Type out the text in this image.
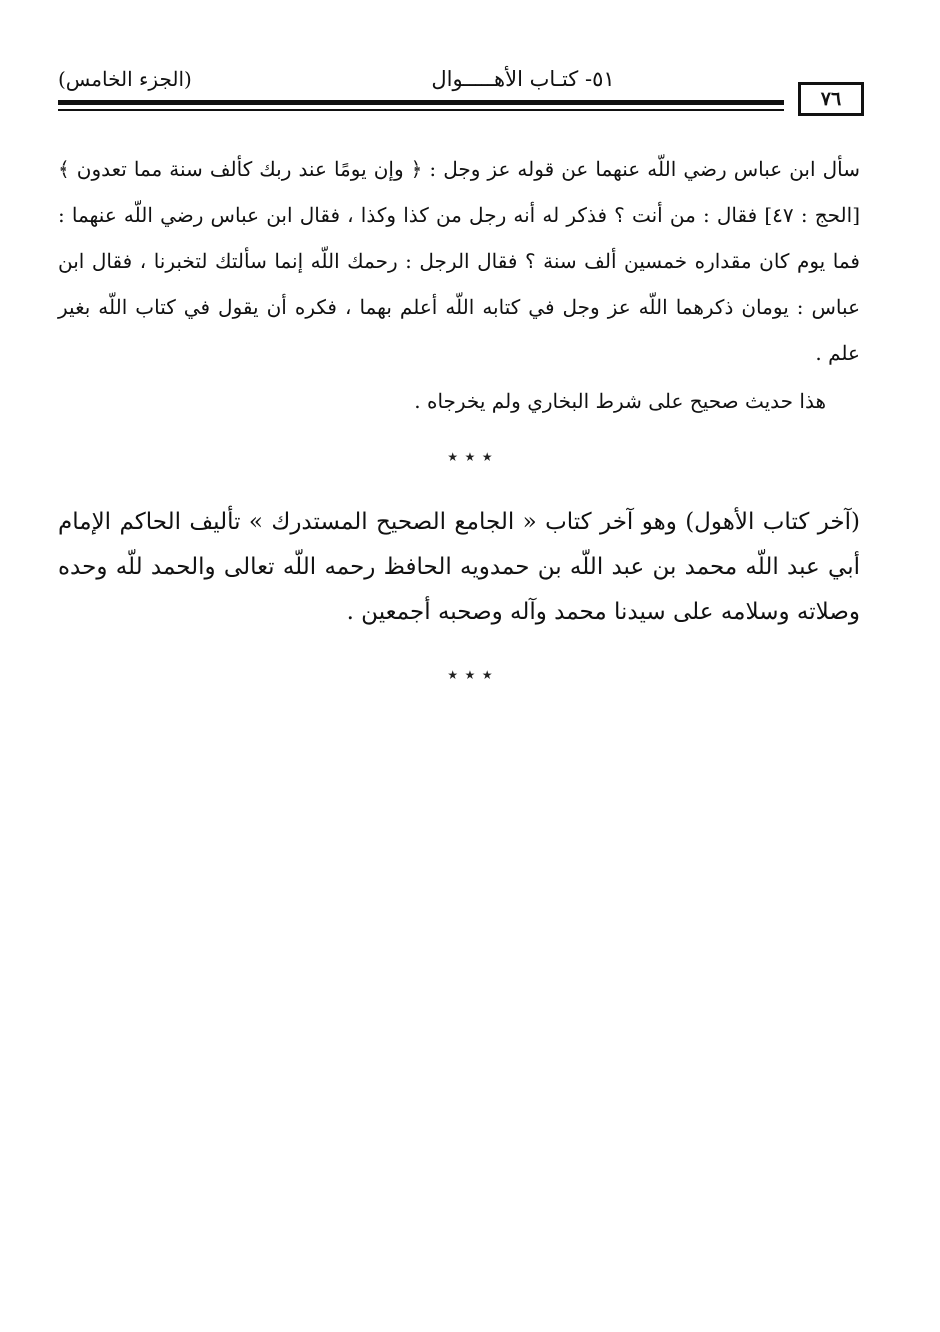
(الجزء الخامس)	٥١- كتـاب الأهـــــوال
٧٦
سأل ابن عباس رضي اللّه عنهما عن قوله عز وجل : ﴿ وإن يومًا عند ربك كألف سنة مما تعدون ﴾ [الحج : ٤٧] فقال : من أنت ؟ فذكر له أنه رجل من كذا وكذا ، فقال ابن عباس رضي اللّه عنهما : فما يوم كان مقداره خمسين ألف سنة ؟ فقال الرجل : رحمك اللّه إنما سألتك لتخبرنا ، فقال ابن عباس : يومان ذكرهما اللّه عز وجل في كتابه اللّه أعلم بهما ، فكره أن يقول في كتاب اللّه بغير علم .
هذا حديث صحيح على شرط البخاري ولم يخرجاه .
٭ ٭ ٭
(آخر كتاب الأهول) وهو آخر كتاب « الجامع الصحيح المستدرك » تأليف الحاكم الإمام أبي عبد اللّه محمد بن عبد اللّه بن حمدويه الحافظ رحمه اللّه تعالى والحمد للّه وحده وصلاته وسلامه على سيدنا محمد وآله وصحبه أجمعين .
٭ ٭ ٭
